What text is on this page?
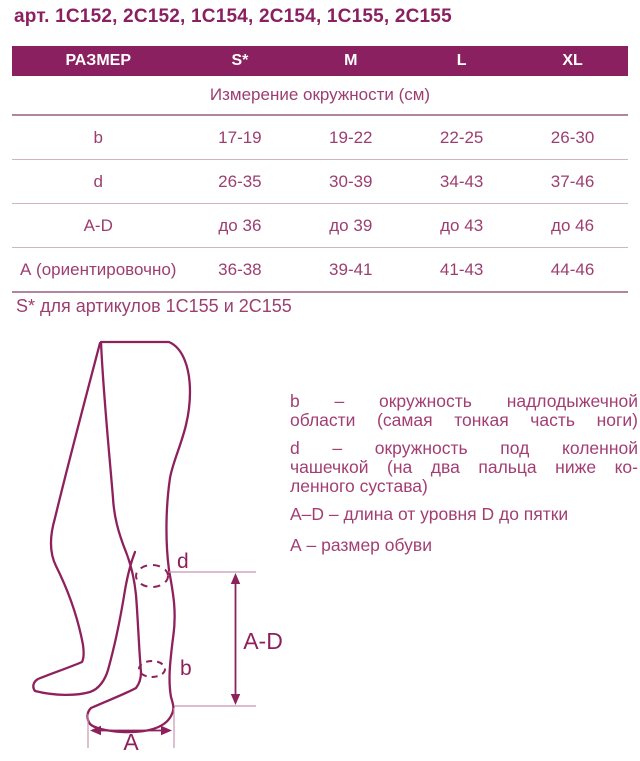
арт. 1С152, 2С152, 1С154, 2С154, 1С155, 2С155
РАЗМЕР	S*	M	L	XL
Измерение окружности (см)				
b	17-19	19-22	22-25	26-30
d	26-35	30-39	34-43	37-46
A-D	до 36	до 39	до 43	до 46
А (ориентировочно)	36-38	39-41	41-43	44-46
S* для артикулов 1С155 и 2С155
d
b
A-D
A
b – окружность надлодыжечной
области (самая тонкая часть ноги)
d – окружность под коленной
чашечкой (на два пальца ниже ко-
ленного сустава)
A–D – длина от уровня D до пятки
А – размер обуви
